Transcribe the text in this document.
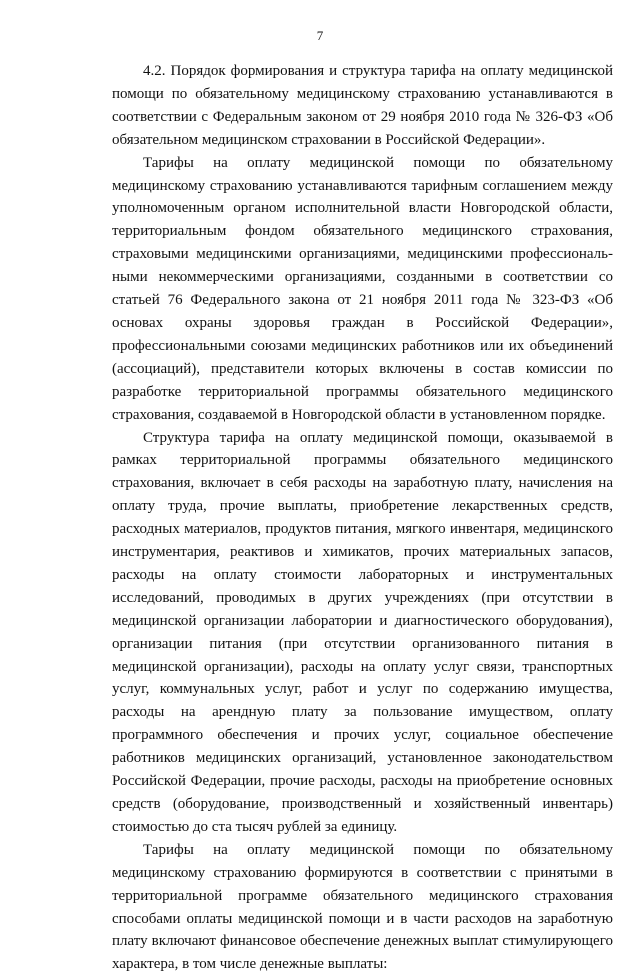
7

4.2. Порядок формирования и структура тарифа на оплату медицинской помощи по обязательному медицинскому страхованию устанавливаются в соответствии с Федеральным законом от 29 ноября 2010 года № 326-ФЗ «Об обязательном медицинском страховании в Российской Федерации».

Тарифы на оплату медицинской помощи по обязательному медицинскому страхованию устанавливаются тарифным соглашением между уполномоченным органом исполнительной власти Новгородской области, территориальным фондом обязательного медицинского страхования, страховыми медицинскими организациями, медицинскими профессиональными некоммерческими организациями, созданными в соответствии со статьей 76 Федерального закона от 21 ноября 2011 года № 323-ФЗ «Об основах охраны здоровья граждан в Российской Федерации», профессиональными союзами медицинских работников или их объединений (ассоциаций), представители которых включены в состав комиссии по разработке территориальной программы обязательного медицинского страхования, создаваемой в Новгородской области в установленном порядке.

Структура тарифа на оплату медицинской помощи, оказываемой в рамках территориальной программы обязательного медицинского страхования, включает в себя расходы на заработную плату, начисления на оплату труда, прочие выплаты, приобретение лекарственных средств, расходных материалов, продуктов питания, мягкого инвентаря, медицинского инструментария, реактивов и химикатов, прочих материальных запасов, расходы на оплату стоимости лабораторных и инструментальных исследований, проводимых в других учреждениях (при отсутствии в медицинской организации лаборатории и диагностического оборудования), организации питания (при отсутствии организованного питания в медицинской организации), расходы на оплату услуг связи, транспортных услуг, коммунальных услуг, работ и услуг по содержанию имущества, расходы на арендную плату за пользование имуществом, оплату программного обеспечения и прочих услуг, социальное обеспечение работников медицинских организаций, установленное законодательством Российской Федерации, прочие расходы, расходы на приобретение основных средств (оборудование, производственный и хозяйственный инвентарь) стоимостью до ста тысяч рублей за единицу.

Тарифы на оплату медицинской помощи по обязательному медицинскому страхованию формируются в соответствии с принятыми в территориальной программе обязательного медицинского страхования способами оплаты медицинской помощи и в части расходов на заработную плату включают финансовое обеспечение денежных выплат стимулирующего характера, в том числе денежные выплаты:
